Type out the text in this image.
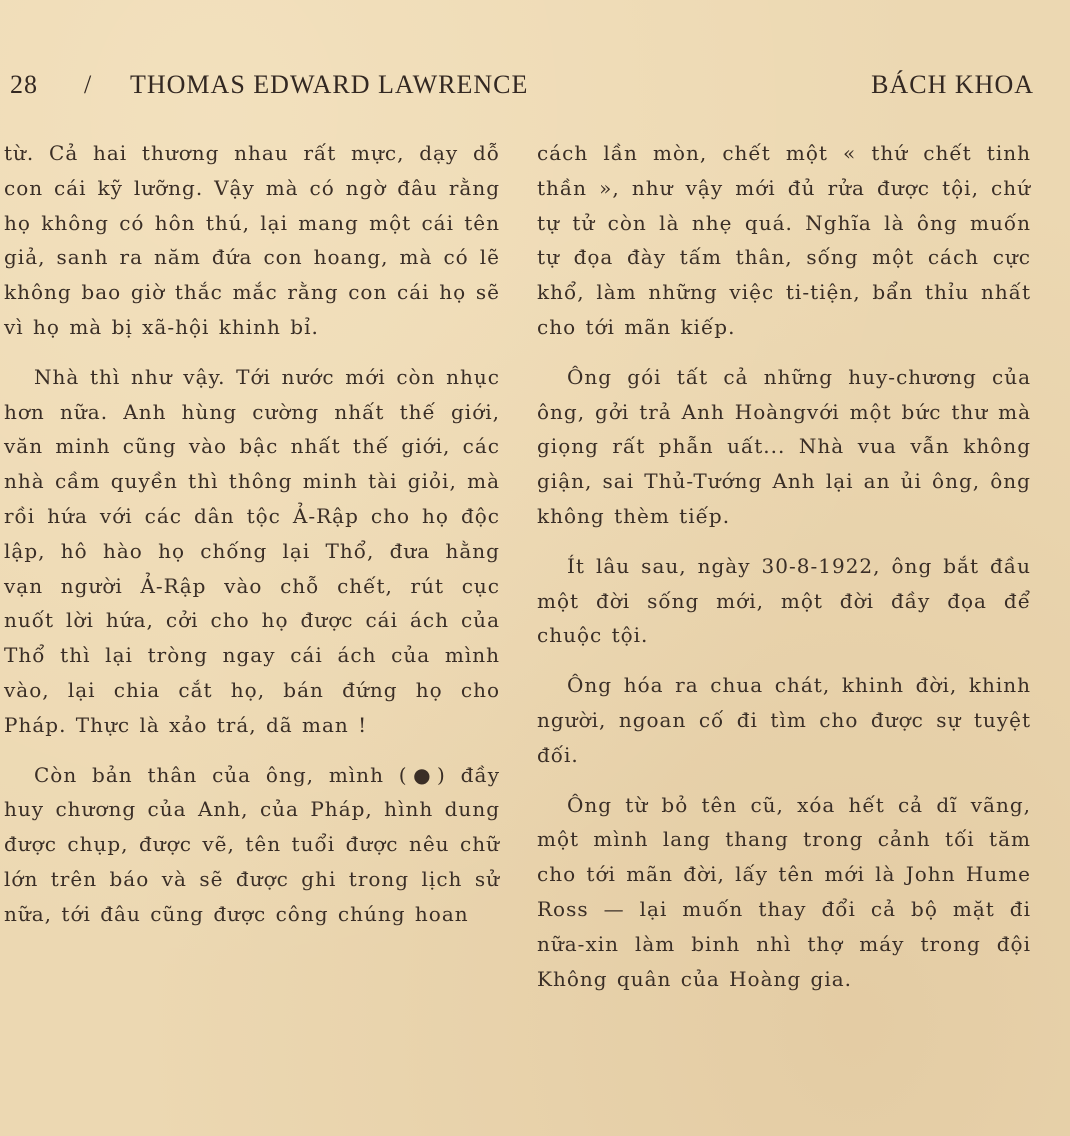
28 / THOMAS EDWARD LAWRENCE	BÁCH KHOA

từ. Cả hai thương nhau rất mực, dạy dỗ con cái kỹ lưỡng. Vậy mà có ngờ đâu rằng họ không có hôn thú, lại mang một cái tên giả, sanh ra năm đứa con hoang, mà có lẽ không bao giờ thắc mắc rằng con cái họ sẽ vì họ mà bị xã-hội khinh bỉ.

Nhà thì như vậy. Tới nước mới còn nhục hơn nữa. Anh hùng cường nhất thế giới, văn minh cũng vào bậc nhất thế giới, các nhà cầm quyền thì thông minh tài giỏi, mà rồi hứa với các dân tộc Ả-Rập cho họ độc lập, hô hào họ chống lại Thổ, đưa hằng vạn người Ả-Rập vào chỗ chết, rút cục nuốt lời hứa, cởi cho họ được cái ách của Thổ thì lại tròng ngay cái ách của mình vào, lại chia cắt họ, bán đứng họ cho Pháp. Thực là xảo trá, dã man !

Còn bản thân của ông, mình (●) đầy huy chương của Anh, của Pháp, hình dung được chụp, được vẽ, tên tuổi được nêu chữ lớn trên báo và sẽ được ghi trong lịch sử nữa, tới đâu cũng được công chúng hoan

cách lần mòn, chết một « thứ chết tinh thần », như vậy mới đủ rửa được tội, chứ tự tử còn là nhẹ quá. Nghĩa là ông muốn tự đọa đày tấm thân, sống một cách cực khổ, làm những việc ti-tiện, bẩn thỉu nhất cho tới mãn kiếp.

Ông gói tất cả những huy-chương của ông, gởi trả Anh Hoàngvới một bức thư mà giọng rất phẫn uất... Nhà vua vẫn không giận, sai Thủ-Tướng Anh lại an ủi ông, ông không thèm tiếp.

Ít lâu sau, ngày 30-8-1922, ông bắt đầu một đời sống mới, một đời đầy đọa để chuộc tội.

Ông hóa ra chua chát, khinh đời, khinh người, ngoan cố đi tìm cho được sự tuyệt đối.

Ông từ bỏ tên cũ, xóa hết cả dĩ vãng, một mình lang thang trong cảnh tối tăm cho tới mãn đời, lấy tên mới là John Hume Ross — lại muốn thay đổi cả bộ mặt đi nữa-xin làm binh nhì thợ máy trong đội Không quân của Hoàng gia.
